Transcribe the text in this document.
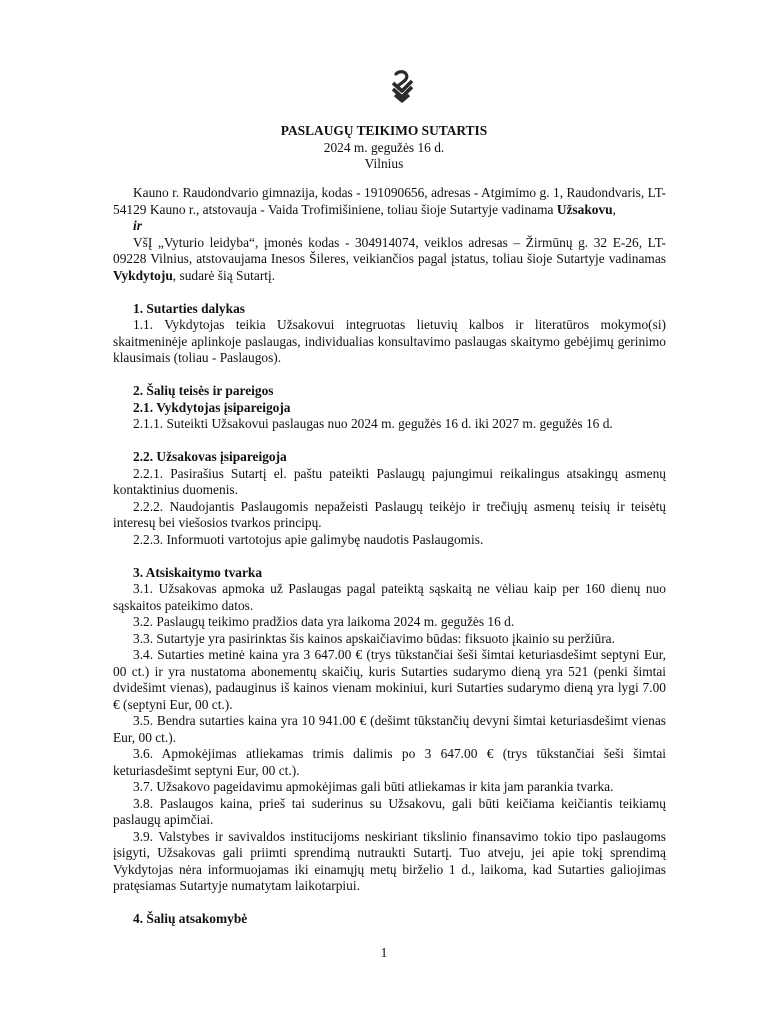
PASLAUGŲ TEIKIMO SUTARTIS
2024 m. gegužės 16 d.
Vilnius

Kauno r. Raudondvario gimnazija, kodas - 191090656, adresas - Atgimimo g. 1, Raudondvaris, LT-54129 Kauno r., atstovauja - Vaida Trofimišiniene, toliau šioje Sutartyje vadinama Užsakovu,

ir

VšĮ „Vyturio leidyba“, įmonės kodas - 304914074, veiklos adresas – Žirmūnų g. 32 E-26, LT-09228 Vilnius, atstovaujama Inesos Šileres, veikiančios pagal įstatus, toliau šioje Sutartyje vadinamas Vykdytoju, sudarė šią Sutartį.

1. Sutarties dalykas

1.1. Vykdytojas teikia Užsakovui integruotas lietuvių kalbos ir literatūros mokymo(si) skaitmeninėje aplinkoje paslaugas, individualias konsultavimo paslaugas skaitymo gebėjimų gerinimo klausimais (toliau - Paslaugos).

2. Šalių teisės ir pareigos

2.1. Vykdytojas įsipareigoja

2.1.1. Suteikti Užsakovui paslaugas nuo 2024 m. gegužės 16 d. iki 2027 m. gegužės 16 d.

2.2. Užsakovas įsipareigoja

2.2.1. Pasirašius Sutartį el. paštu pateikti Paslaugų pajungimui reikalingus atsakingų asmenų kontaktinius duomenis.

2.2.2. Naudojantis Paslaugomis nepažeisti Paslaugų teikėjo ir trečiųjų asmenų teisių ir teisėtų interesų bei viešosios tvarkos principų.

2.2.3. Informuoti vartotojus apie galimybę naudotis Paslaugomis.

3. Atsiskaitymo tvarka

3.1. Užsakovas apmoka už Paslaugas pagal pateiktą sąskaitą ne vėliau kaip per 160 dienų nuo sąskaitos pateikimo datos.

3.2. Paslaugų teikimo pradžios data yra laikoma 2024 m. gegužės 16 d.

3.3. Sutartyje yra pasirinktas šis kainos apskaičiavimo būdas: fiksuoto įkainio su peržiūra.

3.4. Sutarties metinė kaina yra 3 647.00 € (trys tūkstančiai šeši šimtai keturiasdešimt septyni Eur, 00 ct.) ir yra nustatoma abonementų skaičių, kuris Sutarties sudarymo dieną yra 521 (penki šimtai dvidešimt vienas), padauginus iš kainos vienam mokiniui, kuri Sutarties sudarymo dieną yra lygi 7.00 € (septyni Eur, 00 ct.).

3.5. Bendra sutarties kaina yra 10 941.00 € (dešimt tūkstančių devyni šimtai keturiasdešimt vienas Eur, 00 ct.).

3.6. Apmokėjimas atliekamas trimis dalimis po 3 647.00 € (trys tūkstančiai šeši šimtai keturiasdešimt septyni Eur, 00 ct.).

3.7. Užsakovo pageidavimu apmokėjimas gali būti atliekamas ir kita jam parankia tvarka.

3.8. Paslaugos kaina, prieš tai suderinus su Užsakovu, gali būti keičiama keičiantis teikiamų paslaugų apimčiai.

3.9. Valstybes ir savivaldos institucijoms neskiriant tikslinio finansavimo tokio tipo paslaugoms įsigyti, Užsakovas gali priimti sprendimą nutraukti Sutartį. Tuo atveju, jei apie tokį sprendimą Vykdytojas nėra informuojamas iki einamųjų metų birželio 1 d., laikoma, kad Sutarties galiojimas pratęsiamas Sutartyje numatytam laikotarpiui.

4. Šalių atsakomybė

1
